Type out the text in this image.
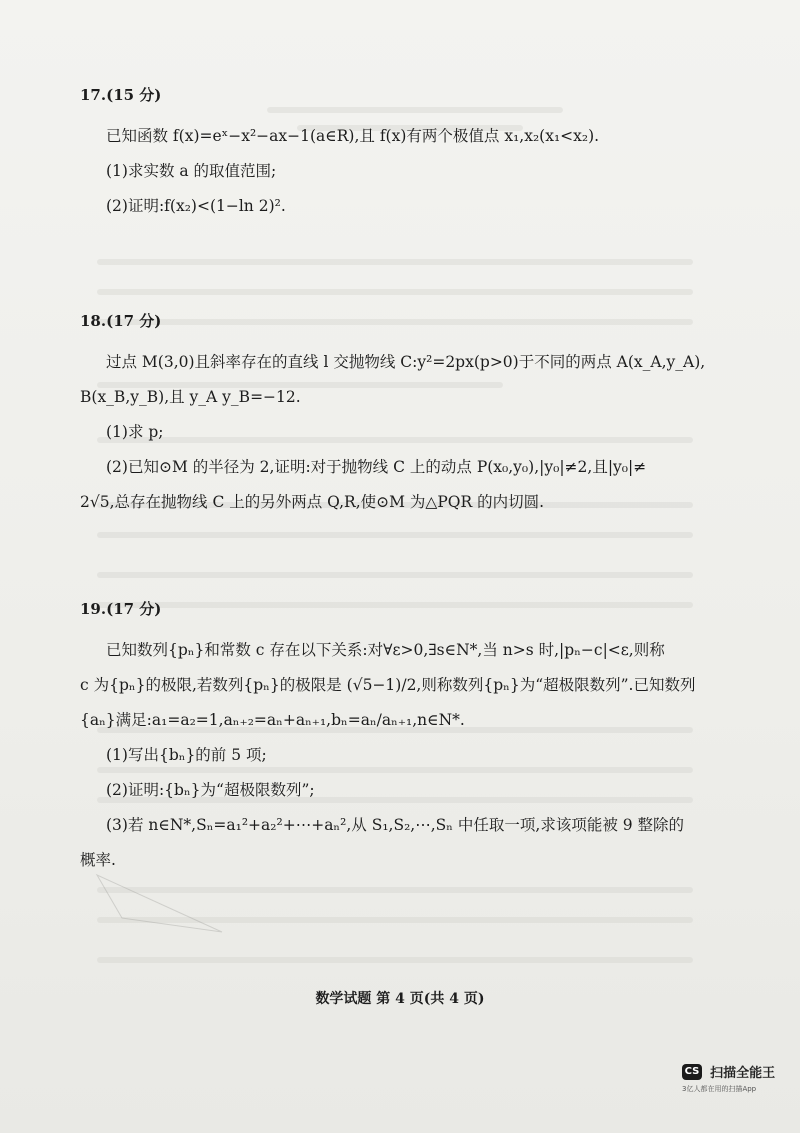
17.(15 分)
已知函数 f(x)=eˣ−x²−ax−1(a∈R),且 f(x)有两个极值点 x₁,x₂(x₁<x₂).
(1)求实数 a 的取值范围;
(2)证明:f(x₂)<(1−ln 2)².
18.(17 分)
过点 M(3,0)且斜率存在的直线 l 交抛物线 C:y²=2px(p>0)于不同的两点 A(x_A,y_A),
B(x_B,y_B),且 y_A y_B=−12.
(1)求 p;
(2)已知⊙M 的半径为 2,证明:对于抛物线 C 上的动点 P(x₀,y₀),|y₀|≠2,且|y₀|≠
2√5,总存在抛物线 C 上的另外两点 Q,R,使⊙M 为△PQR 的内切圆.
19.(17 分)
已知数列{pₙ}和常数 c 存在以下关系:对∀ε>0,∃s∈N*,当 n>s 时,|pₙ−c|<ε,则称
c 为{pₙ}的极限,若数列{pₙ}的极限是 (√5−1)/2,则称数列{pₙ}为“超极限数列”.已知数列
{aₙ}满足:a₁=a₂=1,aₙ₊₂=aₙ+aₙ₊₁,bₙ=aₙ/aₙ₊₁,n∈N*.
(1)写出{bₙ}的前 5 项;
(2)证明:{bₙ}为“超极限数列”;
(3)若 n∈N*,Sₙ=a₁²+a₂²+⋯+aₙ²,从 S₁,S₂,⋯,Sₙ 中任取一项,求该项能被 9 整除的
概率.
数学试题 第 4 页(共 4 页)
CS 扫描全能王
3亿人都在用的扫描App
